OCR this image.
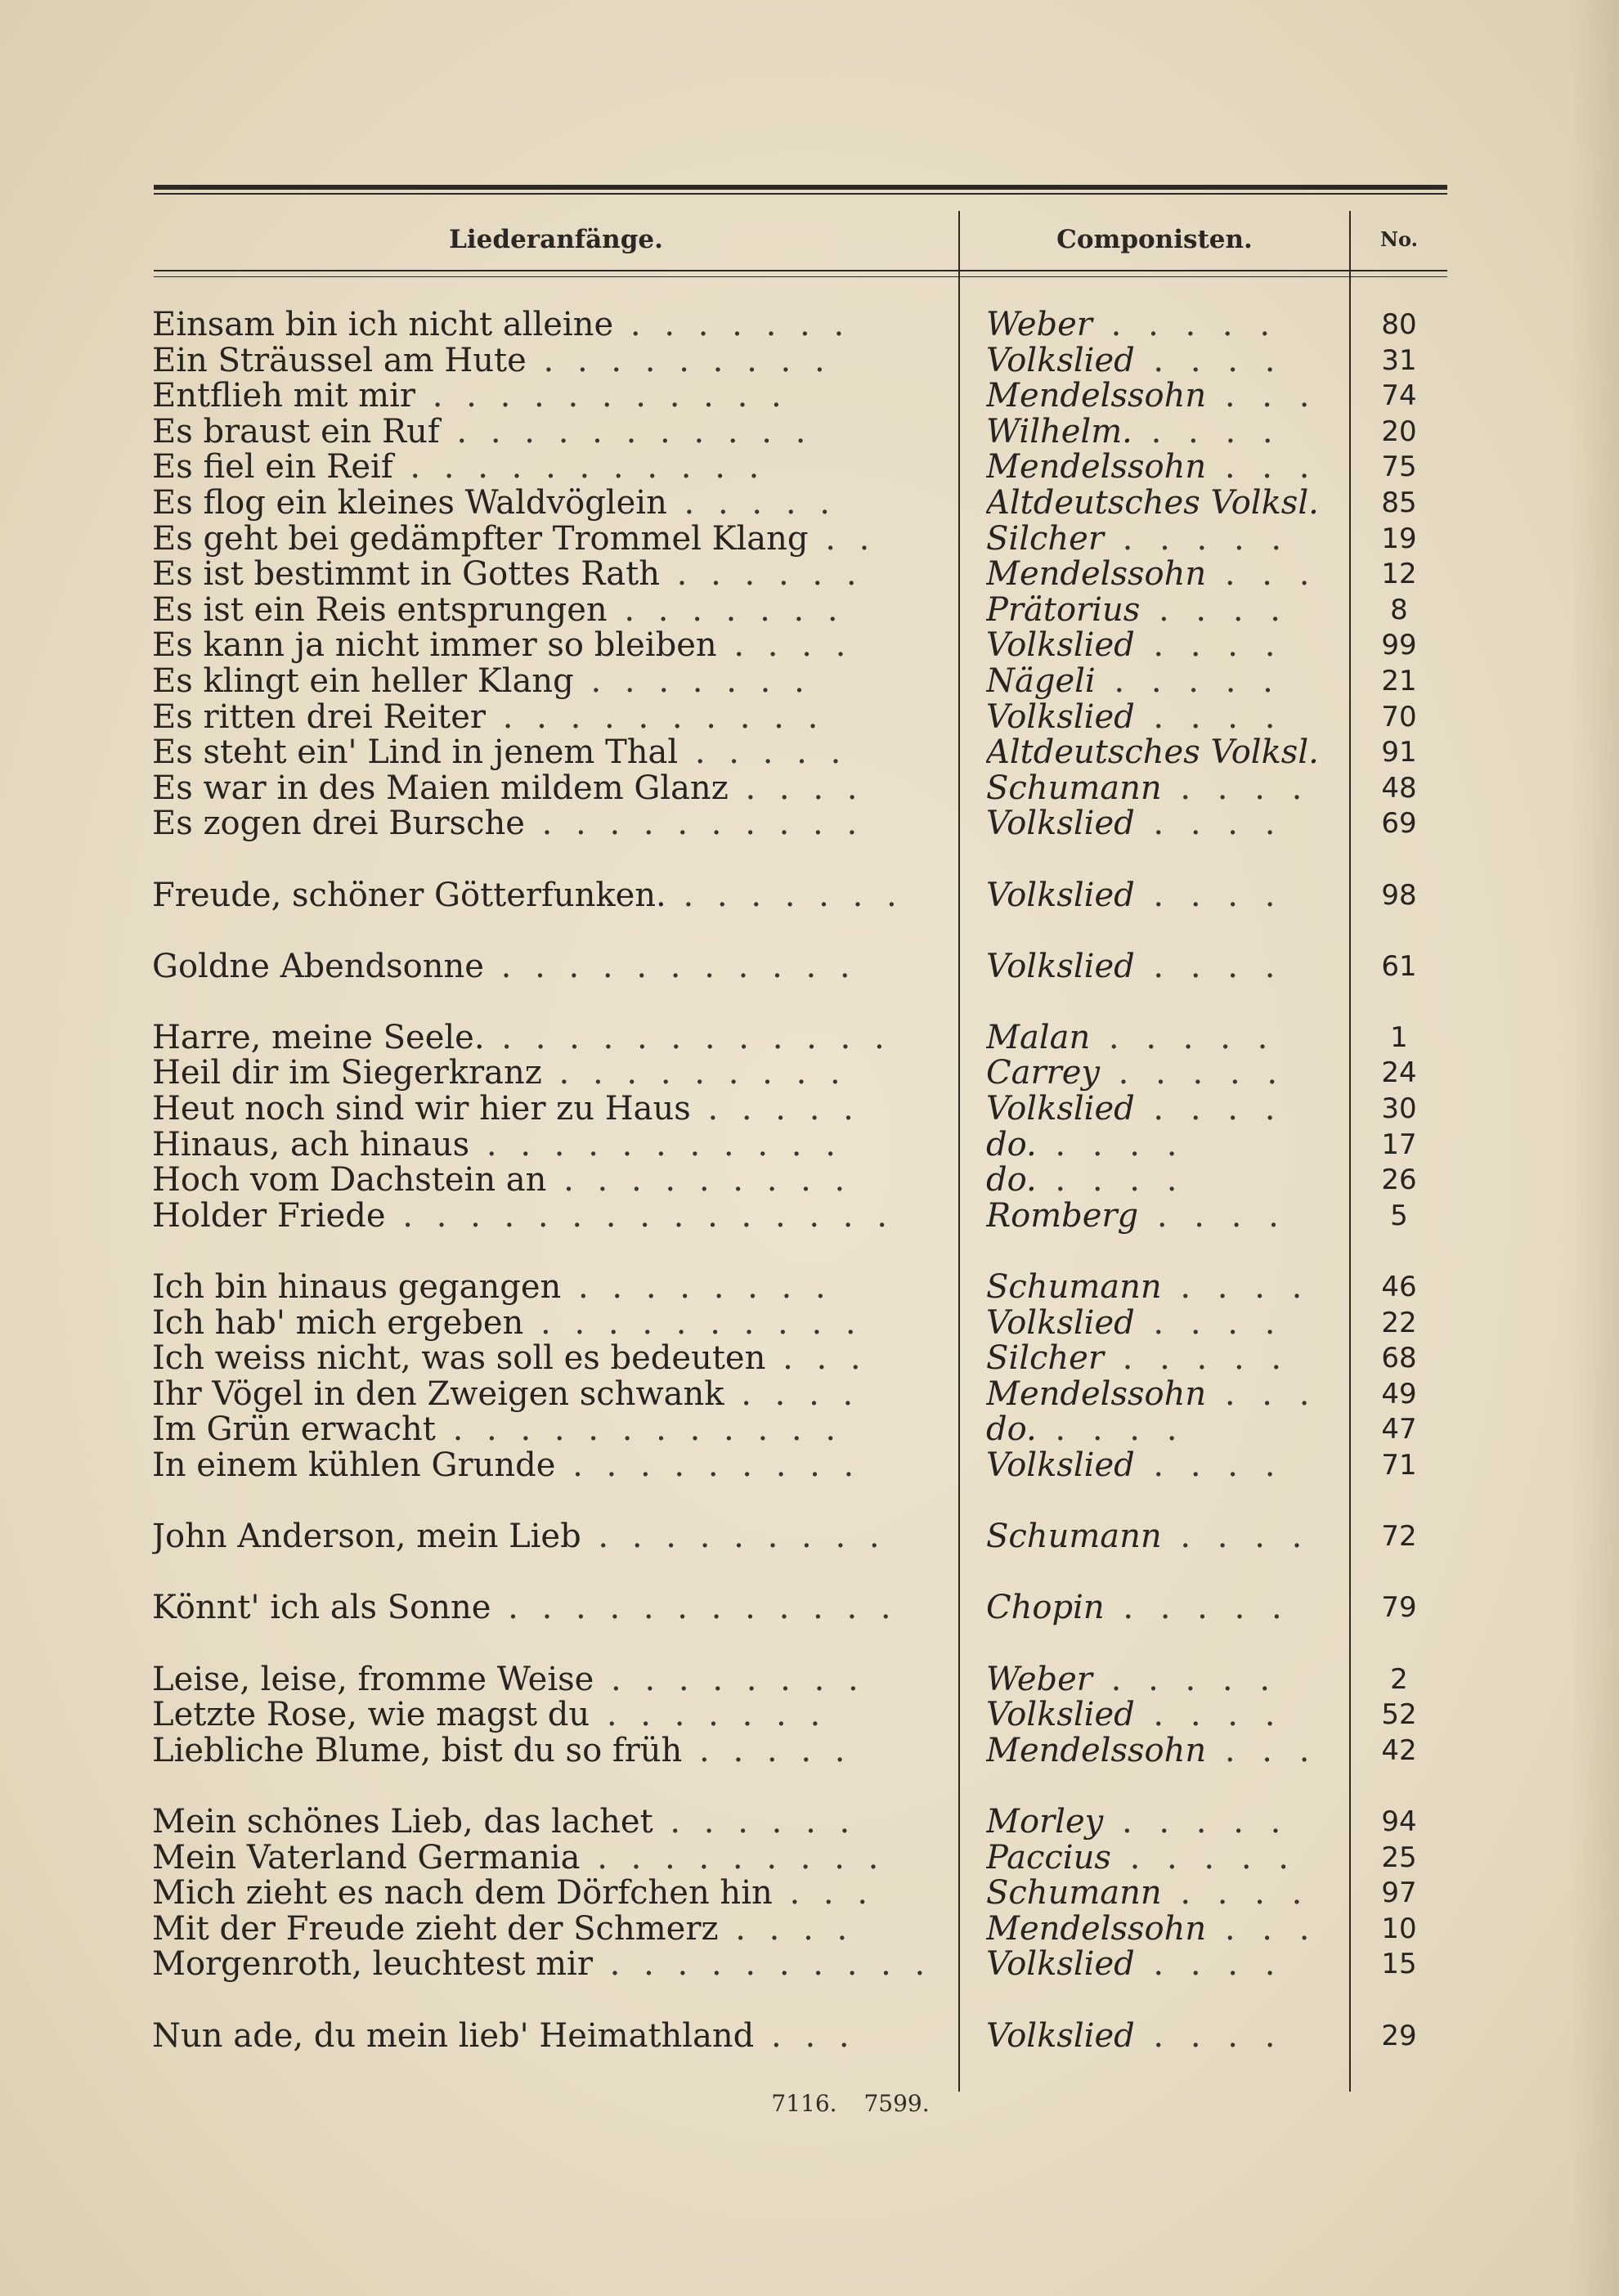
Liederanfänge.	Componisten.	No.
Einsam bin ich nicht alleine . . . . . . .	Weber . . . . .	80
Ein Sträussel am Hute . . . . . . . . .	Volkslied . . . .	31
Entflieh mit mir . . . . . . . . . . .	Mendelssohn . . .	74
Es braust ein Ruf . . . . . . . . . . .	Wilhelm. . . . .	20
Es fiel ein Reif . . . . . . . . . . .	Mendelssohn . . .	75
Es flog ein kleines Waldvöglein . . . . .	Altdeutsches Volksl.	85
Es geht bei gedämpfter Trommel Klang . .	Silcher . . . . .	19
Es ist bestimmt in Gottes Rath . . . . . .	Mendelssohn . . .	12
Es ist ein Reis entsprungen . . . . . . .	Prätorius . . . .	8
Es kann ja nicht immer so bleiben . . . .	Volkslied . . . .	99
Es klingt ein heller Klang . . . . . . .	Nägeli . . . . .	21
Es ritten drei Reiter . . . . . . . . . .	Volkslied . . . .	70
Es steht ein' Lind in jenem Thal . . . . .	Altdeutsches Volksl.	91
Es war in des Maien mildem Glanz . . . .	Schumann . . . .	48
Es zogen drei Bursche . . . . . . . . . .	Volkslied . . . .	69
Freude, schöner Götterfunken. . . . . . . .	Volkslied . . . .	98
Goldne Abendsonne . . . . . . . . . . .	Volkslied . . . .	61
Harre, meine Seele. . . . . . . . . . . . .	Malan . . . . .	1
Heil dir im Siegerkranz . . . . . . . . .	Carrey . . . . .	24
Heut noch sind wir hier zu Haus . . . . .	Volkslied . . . .	30
Hinaus, ach hinaus . . . . . . . . . . .	do. . . . .	17
Hoch vom Dachstein an . . . . . . . . .	do. . . . .	26
Holder Friede . . . . . . . . . . . . . . .	Romberg . . . .	5
Ich bin hinaus gegangen . . . . . . . .	Schumann . . . .	46
Ich hab' mich ergeben . . . . . . . . . .	Volkslied . . . .	22
Ich weiss nicht, was soll es bedeuten . . .	Silcher . . . . .	68
Ihr Vögel in den Zweigen schwank . . . .	Mendelssohn . . .	49
Im Grün erwacht . . . . . . . . . . . .	do. . . . .	47
In einem kühlen Grunde . . . . . . . . .	Volkslied . . . .	71
John Anderson, mein Lieb . . . . . . . . .	Schumann . . . .	72
Könnt' ich als Sonne . . . . . . . . . . . .	Chopin . . . . .	79
Leise, leise, fromme Weise . . . . . . . .	Weber . . . . .	2
Letzte Rose, wie magst du . . . . . . .	Volkslied . . . .	52
Liebliche Blume, bist du so früh . . . . .	Mendelssohn . . .	42
Mein schönes Lieb, das lachet . . . . . .	Morley . . . . .	94
Mein Vaterland Germania . . . . . . . . .	Paccius . . . . .	25
Mich zieht es nach dem Dörfchen hin . . .	Schumann . . . .	97
Mit der Freude zieht der Schmerz . . . .	Mendelssohn . . .	10
Morgenroth, leuchtest mir . . . . . . . . . .	Volkslied . . . .	15
Nun ade, du mein lieb' Heimathland . . .	Volkslied . . . .	29
7116. 7599.
